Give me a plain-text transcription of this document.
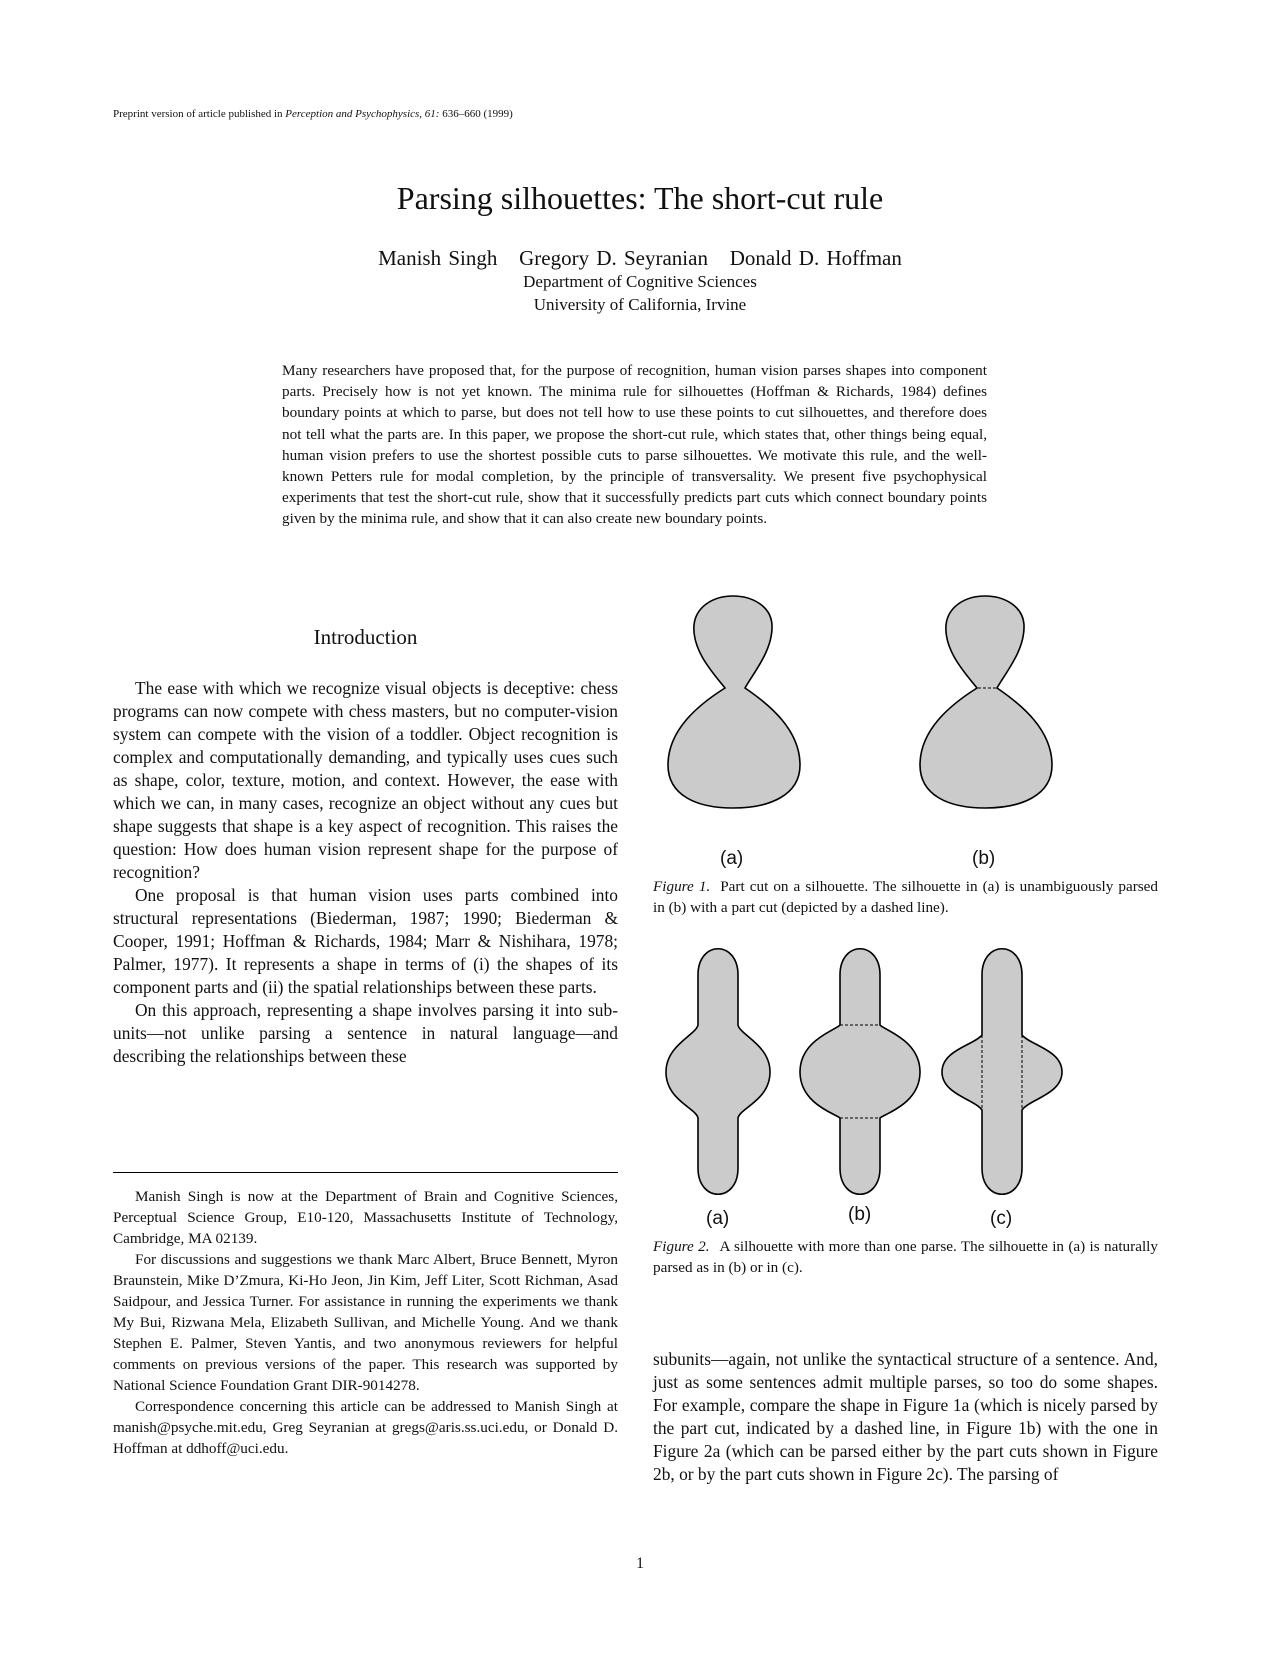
Preprint version of article published in Perception and Psychophysics, 61: 636–660 (1999)
Parsing silhouettes: The short-cut rule
Manish Singh   Gregory D. Seyranian   Donald D. Hoffman
Department of Cognitive Sciences
University of California, Irvine
Many researchers have proposed that, for the purpose of recognition, human vision parses shapes into component parts. Precisely how is not yet known. The minima rule for silhouettes (Hoffman & Richards, 1984) defines boundary points at which to parse, but does not tell how to use these points to cut silhouettes, and therefore does not tell what the parts are. In this paper, we propose the short-cut rule, which states that, other things being equal, human vision prefers to use the shortest possible cuts to parse silhouettes. We motivate this rule, and the well-known Petters rule for modal completion, by the principle of transversality. We present five psychophysical experiments that test the short-cut rule, show that it successfully predicts part cuts which connect boundary points given by the minima rule, and show that it can also create new boundary points.
Introduction

The ease with which we recognize visual objects is deceptive: chess programs can now compete with chess masters, but no computer-vision system can compete with the vision of a toddler. Object recognition is complex and computationally demanding, and typically uses cues such as shape, color, texture, motion, and context. However, the ease with which we can, in many cases, recognize an object without any cues but shape suggests that shape is a key aspect of recognition. This raises the question: How does human vision represent shape for the purpose of recognition?

One proposal is that human vision uses parts combined into structural representations (Biederman, 1987; 1990; Biederman & Cooper, 1991; Hoffman & Richards, 1984; Marr & Nishihara, 1978; Palmer, 1977). It represents a shape in terms of (i) the shapes of its component parts and (ii) the spatial relationships between these parts.

On this approach, representing a shape involves parsing it into sub-units—not unlike parsing a sentence in natural language—and describing the relationships between these

Manish Singh is now at the Department of Brain and Cognitive Sciences, Perceptual Science Group, E10-120, Massachusetts Institute of Technology, Cambridge, MA 02139.

For discussions and suggestions we thank Marc Albert, Bruce Bennett, Myron Braunstein, Mike D’Zmura, Ki-Ho Jeon, Jin Kim, Jeff Liter, Scott Richman, Asad Saidpour, and Jessica Turner. For assistance in running the experiments we thank My Bui, Rizwana Mela, Elizabeth Sullivan, and Michelle Young. And we thank Stephen E. Palmer, Steven Yantis, and two anonymous reviewers for helpful comments on previous versions of the paper. This research was supported by National Science Foundation Grant DIR-9014278.

Correspondence concerning this article can be addressed to Manish Singh at manish@psyche.mit.edu, Greg Seyranian at gregs@aris.ss.uci.edu, or Donald D. Hoffman at ddhoff@uci.edu.

(a)	(b)
Figure 1. Part cut on a silhouette. The silhouette in (a) is unambiguously parsed in (b) with a part cut (depicted by a dashed line).
(a)	(b)	(c)
Figure 2. A silhouette with more than one parse. The silhouette in (a) is naturally parsed as in (b) or in (c).

subunits—again, not unlike the syntactical structure of a sentence. And, just as some sentences admit multiple parses, so too do some shapes. For example, compare the shape in Figure 1a (which is nicely parsed by the part cut, indicated by a dashed line, in Figure 1b) with the one in Figure 2a (which can be parsed either by the part cuts shown in Figure 2b, or by the part cuts shown in Figure 2c). The parsing of

1
